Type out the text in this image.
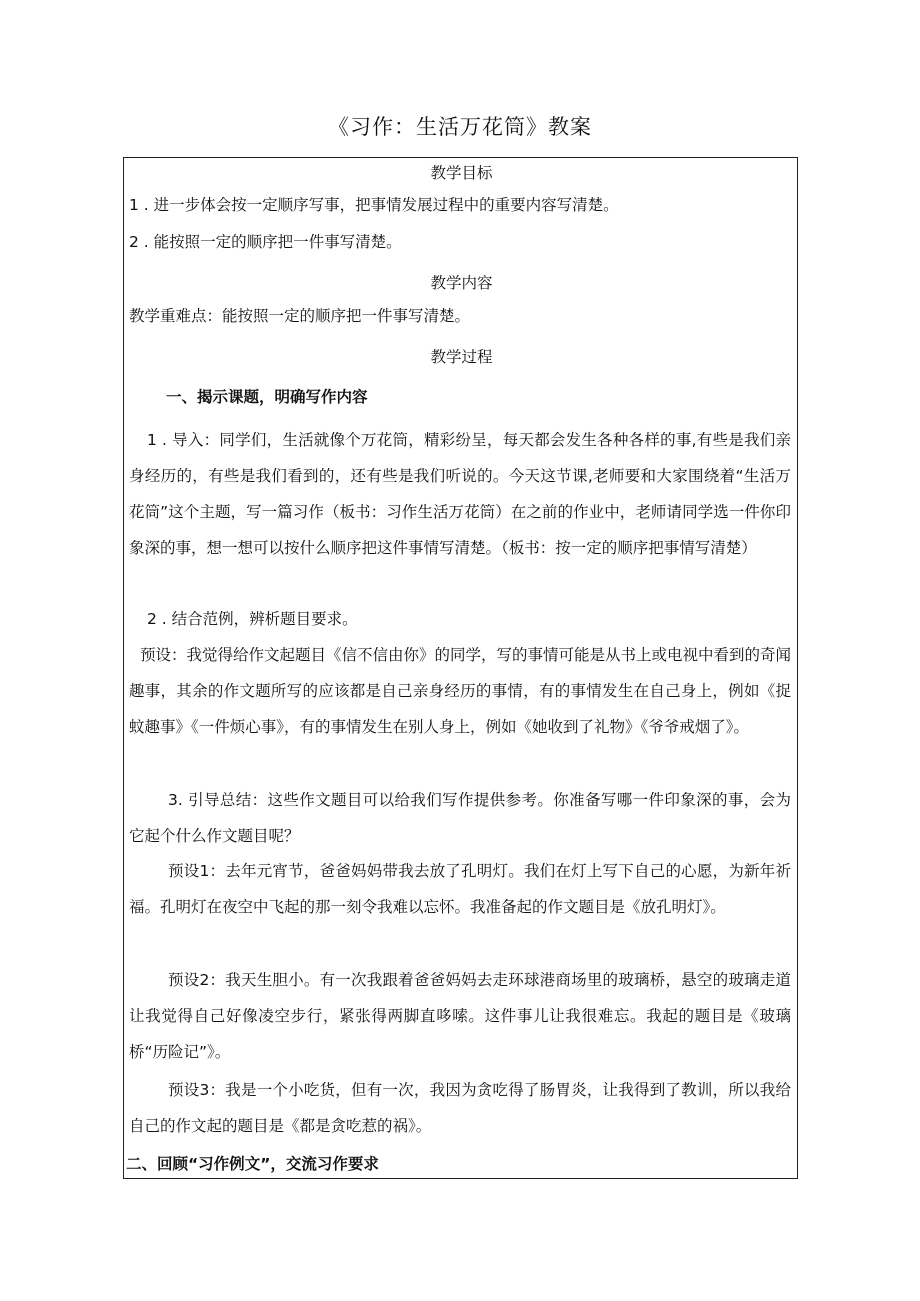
《习作：生活万花筒》教案
教学目标
1 . 进一步体会按一定顺序写事，把事情发展过程中的重要内容写清楚。
2 . 能按照一定的顺序把一件事写清楚。
教学内容
教学重难点：能按照一定的顺序把一件事写清楚。
教学过程
一、揭示课题，明确写作内容
1 . 导入：同学们，生活就像个万花筒，精彩纷呈，每天都会发生各种各样的事,有些是我们亲身经历的，有些是我们看到的，还有些是我们听说的。今天这节课,老师要和大家围绕着“生活万花筒”这个主题，写一篇习作（板书：习作生活万花筒）在之前的作业中，老师请同学选一件你印象深的事，想一想可以按什么顺序把这件事情写清楚。（板书：按一定的顺序把事情写清楚）
2 . 结合范例，辨析题目要求。
预设：我觉得给作文起题目《信不信由你》的同学，写的事情可能是从书上或电视中看到的奇闻趣事，其余的作文题所写的应该都是自己亲身经历的事情，有的事情发生在自己身上，例如《捉蚊趣事》《一件烦心事》，有的事情发生在别人身上，例如《她收到了礼物》《爷爷戒烟了》。
3. 引导总结：这些作文题目可以给我们写作提供参考。你准备写哪一件印象深的事，会为它起个什么作文题目呢？
预设1：去年元宵节，爸爸妈妈带我去放了孔明灯。我们在灯上写下自己的心愿，为新年祈福。孔明灯在夜空中飞起的那一刻令我难以忘怀。我准备起的作文题目是《放孔明灯》。
预设2：我天生胆小。有一次我跟着爸爸妈妈去走环球港商场里的玻璃桥，悬空的玻璃走道让我觉得自己好像凌空步行，紧张得两脚直哆嗦。这件事儿让我很难忘。我起的题目是《玻璃桥“历险记”》。
预设3：我是一个小吃货，但有一次，我因为贪吃得了肠胃炎，让我得到了教训，所以我给自己的作文起的题目是《都是贪吃惹的祸》。
二、回顾“习作例文”，交流习作要求
